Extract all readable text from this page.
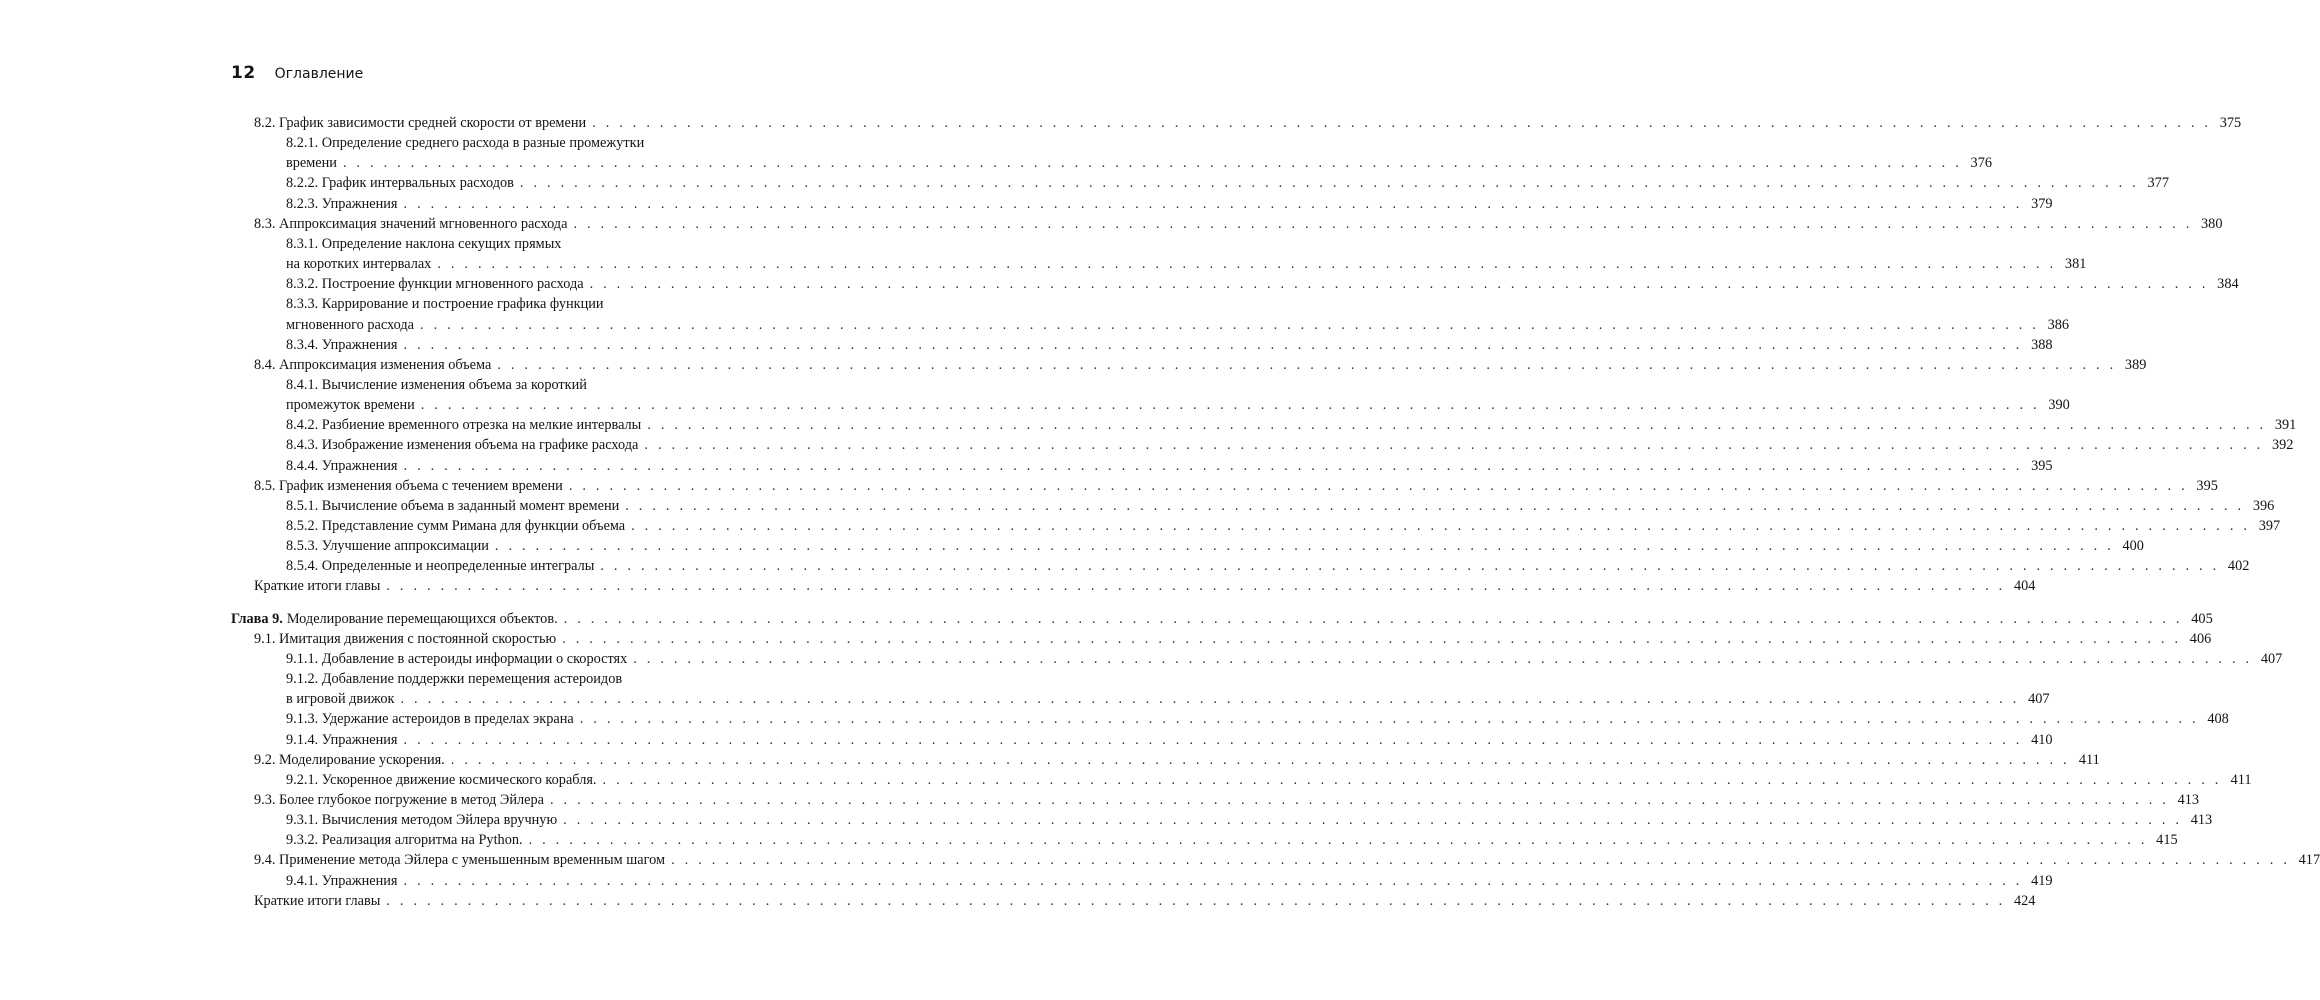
12 Оглавление
8.2. График зависимости средней скорости от времени . . . . . . . . . . . . . . . . . . . . . . . . . . . . . . . . . . . . . . . . . . . . . . . . . . . . . . . . . . . . . . . . . . . . . . . . . . . . . . . . . . . . . . . . . . . . . . . . . . . . . . . . . . . . . . . . . . . . . . . . 375
8.2.1. Определение среднего расхода в разные промежутки
времени . . . . . . . . . . . . . . . . . . . . . . . . . . . . . . . . . . . . . . . . . . . . . . . . . . . . . . . . . . . . . . . . . . . . . . . . . . . . . . . . . . . . . . . . . . . . . . . . . . . . . . . . . . . . . . . . . . . . . . . . 376
8.2.2. График интервальных расходов . . . . . . . . . . . . . . . . . . . . . . . . . . . . . . . . . . . . . . . . . . . . . . . . . . . . . . . . . . . . . . . . . . . . . . . . . . . . . . . . . . . . . . . . . . . . . . . . . . . . . . . . . . . . . . . . . . . . . . . . 377
8.2.3. Упражнения . . . . . . . . . . . . . . . . . . . . . . . . . . . . . . . . . . . . . . . . . . . . . . . . . . . . . . . . . . . . . . . . . . . . . . . . . . . . . . . . . . . . . . . . . . . . . . . . . . . . . . . . . . . . . . . . . . . . . . . . 379
8.3. Аппроксимация значений мгновенного расхода . . . . . . . . . . . . . . . . . . . . . . . . . . . . . . . . . . . . . . . . . . . . . . . . . . . . . . . . . . . . . . . . . . . . . . . . . . . . . . . . . . . . . . . . . . . . . . . . . . . . . . . . . . . . . . . . . . . . . . . . 380
8.3.1. Определение наклона секущих прямых
на коротких интервалах . . . . . . . . . . . . . . . . . . . . . . . . . . . . . . . . . . . . . . . . . . . . . . . . . . . . . . . . . . . . . . . . . . . . . . . . . . . . . . . . . . . . . . . . . . . . . . . . . . . . . . . . . . . . . . . . . . . . . . . . 381
8.3.2. Построение функции мгновенного расхода . . . . . . . . . . . . . . . . . . . . . . . . . . . . . . . . . . . . . . . . . . . . . . . . . . . . . . . . . . . . . . . . . . . . . . . . . . . . . . . . . . . . . . . . . . . . . . . . . . . . . . . . . . . . . . . . . . . . . . . . 384
8.3.3. Каррирование и построение графика функции
мгновенного расхода . . . . . . . . . . . . . . . . . . . . . . . . . . . . . . . . . . . . . . . . . . . . . . . . . . . . . . . . . . . . . . . . . . . . . . . . . . . . . . . . . . . . . . . . . . . . . . . . . . . . . . . . . . . . . . . . . . . . . . . . 386
8.3.4. Упражнения . . . . . . . . . . . . . . . . . . . . . . . . . . . . . . . . . . . . . . . . . . . . . . . . . . . . . . . . . . . . . . . . . . . . . . . . . . . . . . . . . . . . . . . . . . . . . . . . . . . . . . . . . . . . . . . . . . . . . . . . 388
8.4. Аппроксимация изменения объема . . . . . . . . . . . . . . . . . . . . . . . . . . . . . . . . . . . . . . . . . . . . . . . . . . . . . . . . . . . . . . . . . . . . . . . . . . . . . . . . . . . . . . . . . . . . . . . . . . . . . . . . . . . . . . . . . . . . . . . . 389
8.4.1. Вычисление изменения объема за короткий
промежуток времени . . . . . . . . . . . . . . . . . . . . . . . . . . . . . . . . . . . . . . . . . . . . . . . . . . . . . . . . . . . . . . . . . . . . . . . . . . . . . . . . . . . . . . . . . . . . . . . . . . . . . . . . . . . . . . . . . . . . . . . . 390
8.4.2. Разбиение временного отрезка на мелкие интервалы . . . . . . . . . . . . . . . . . . . . . . . . . . . . . . . . . . . . . . . . . . . . . . . . . . . . . . . . . . . . . . . . . . . . . . . . . . . . . . . . . . . . . . . . . . . . . . . . . . . . . . . . . . . . . . . . . . . . . . . . 391
8.4.3. Изображение изменения объема на графике расхода . . . . . . . . . . . . . . . . . . . . . . . . . . . . . . . . . . . . . . . . . . . . . . . . . . . . . . . . . . . . . . . . . . . . . . . . . . . . . . . . . . . . . . . . . . . . . . . . . . . . . . . . . . . . . . . . . . . . . . . . 392
8.4.4. Упражнения . . . . . . . . . . . . . . . . . . . . . . . . . . . . . . . . . . . . . . . . . . . . . . . . . . . . . . . . . . . . . . . . . . . . . . . . . . . . . . . . . . . . . . . . . . . . . . . . . . . . . . . . . . . . . . . . . . . . . . . . 395
8.5. График изменения объема с течением времени . . . . . . . . . . . . . . . . . . . . . . . . . . . . . . . . . . . . . . . . . . . . . . . . . . . . . . . . . . . . . . . . . . . . . . . . . . . . . . . . . . . . . . . . . . . . . . . . . . . . . . . . . . . . . . . . . . . . . . . . 395
8.5.1. Вычисление объема в заданный момент времени . . . . . . . . . . . . . . . . . . . . . . . . . . . . . . . . . . . . . . . . . . . . . . . . . . . . . . . . . . . . . . . . . . . . . . . . . . . . . . . . . . . . . . . . . . . . . . . . . . . . . . . . . . . . . . . . . . . . . . . . 396
8.5.2. Представление сумм Римана для функции объема . . . . . . . . . . . . . . . . . . . . . . . . . . . . . . . . . . . . . . . . . . . . . . . . . . . . . . . . . . . . . . . . . . . . . . . . . . . . . . . . . . . . . . . . . . . . . . . . . . . . . . . . . . . . . . . . . . . . . . . . 397
8.5.3. Улучшение аппроксимации . . . . . . . . . . . . . . . . . . . . . . . . . . . . . . . . . . . . . . . . . . . . . . . . . . . . . . . . . . . . . . . . . . . . . . . . . . . . . . . . . . . . . . . . . . . . . . . . . . . . . . . . . . . . . . . . . . . . . . . . 400
8.5.4. Определенные и неопределенные интегралы . . . . . . . . . . . . . . . . . . . . . . . . . . . . . . . . . . . . . . . . . . . . . . . . . . . . . . . . . . . . . . . . . . . . . . . . . . . . . . . . . . . . . . . . . . . . . . . . . . . . . . . . . . . . . . . . . . . . . . . . 402
Краткие итоги главы . . . . . . . . . . . . . . . . . . . . . . . . . . . . . . . . . . . . . . . . . . . . . . . . . . . . . . . . . . . . . . . . . . . . . . . . . . . . . . . . . . . . . . . . . . . . . . . . . . . . . . . . . . . . . . . . . . . . . . . . 404
Глава 9. Моделирование перемещающихся объектов. . . . . . . . . . . . . . . . . . . . . . . . . . . . . . . . . . . . . . . . . . . . . . . . . . . . . . . . . . . . . . . . . . . . . . . . . . . . . . . . . . . . . . . . . . . . . . . . . . . . . . . . . . . . . . . . . . . . . . . . . 405
9.1. Имитация движения с постоянной скоростью . . . . . . . . . . . . . . . . . . . . . . . . . . . . . . . . . . . . . . . . . . . . . . . . . . . . . . . . . . . . . . . . . . . . . . . . . . . . . . . . . . . . . . . . . . . . . . . . . . . . . . . . . . . . . . . . . . . . . . . . 406
9.1.1. Добавление в астероиды информации о скоростях . . . . . . . . . . . . . . . . . . . . . . . . . . . . . . . . . . . . . . . . . . . . . . . . . . . . . . . . . . . . . . . . . . . . . . . . . . . . . . . . . . . . . . . . . . . . . . . . . . . . . . . . . . . . . . . . . . . . . . . . 407
9.1.2. Добавление поддержки перемещения астероидов
в игровой движок . . . . . . . . . . . . . . . . . . . . . . . . . . . . . . . . . . . . . . . . . . . . . . . . . . . . . . . . . . . . . . . . . . . . . . . . . . . . . . . . . . . . . . . . . . . . . . . . . . . . . . . . . . . . . . . . . . . . . . . . 407
9.1.3. Удержание астероидов в пределах экрана . . . . . . . . . . . . . . . . . . . . . . . . . . . . . . . . . . . . . . . . . . . . . . . . . . . . . . . . . . . . . . . . . . . . . . . . . . . . . . . . . . . . . . . . . . . . . . . . . . . . . . . . . . . . . . . . . . . . . . . . 408
9.1.4. Упражнения . . . . . . . . . . . . . . . . . . . . . . . . . . . . . . . . . . . . . . . . . . . . . . . . . . . . . . . . . . . . . . . . . . . . . . . . . . . . . . . . . . . . . . . . . . . . . . . . . . . . . . . . . . . . . . . . . . . . . . . . 410
9.2. Моделирование ускорения. . . . . . . . . . . . . . . . . . . . . . . . . . . . . . . . . . . . . . . . . . . . . . . . . . . . . . . . . . . . . . . . . . . . . . . . . . . . . . . . . . . . . . . . . . . . . . . . . . . . . . . . . . . . . . . . . . . . . . . . . 411
9.2.1. Ускоренное движение космического корабля. . . . . . . . . . . . . . . . . . . . . . . . . . . . . . . . . . . . . . . . . . . . . . . . . . . . . . . . . . . . . . . . . . . . . . . . . . . . . . . . . . . . . . . . . . . . . . . . . . . . . . . . . . . . . . . . . . . . . . . . . 411
9.3. Более глубокое погружение в метод Эйлера . . . . . . . . . . . . . . . . . . . . . . . . . . . . . . . . . . . . . . . . . . . . . . . . . . . . . . . . . . . . . . . . . . . . . . . . . . . . . . . . . . . . . . . . . . . . . . . . . . . . . . . . . . . . . . . . . . . . . . . . 413
9.3.1. Вычисления методом Эйлера вручную . . . . . . . . . . . . . . . . . . . . . . . . . . . . . . . . . . . . . . . . . . . . . . . . . . . . . . . . . . . . . . . . . . . . . . . . . . . . . . . . . . . . . . . . . . . . . . . . . . . . . . . . . . . . . . . . . . . . . . . . 413
9.3.2. Реализация алгоритма на Python. . . . . . . . . . . . . . . . . . . . . . . . . . . . . . . . . . . . . . . . . . . . . . . . . . . . . . . . . . . . . . . . . . . . . . . . . . . . . . . . . . . . . . . . . . . . . . . . . . . . . . . . . . . . . . . . . . . . . . . . . 415
9.4. Применение метода Эйлера с уменьшенным временным шагом . . . . . . . . . . . . . . . . . . . . . . . . . . . . . . . . . . . . . . . . . . . . . . . . . . . . . . . . . . . . . . . . . . . . . . . . . . . . . . . . . . . . . . . . . . . . . . . . . . . . . . . . . . . . . . . . . . . . . . . . 417
9.4.1. Упражнения . . . . . . . . . . . . . . . . . . . . . . . . . . . . . . . . . . . . . . . . . . . . . . . . . . . . . . . . . . . . . . . . . . . . . . . . . . . . . . . . . . . . . . . . . . . . . . . . . . . . . . . . . . . . . . . . . . . . . . . . 419
Краткие итоги главы . . . . . . . . . . . . . . . . . . . . . . . . . . . . . . . . . . . . . . . . . . . . . . . . . . . . . . . . . . . . . . . . . . . . . . . . . . . . . . . . . . . . . . . . . . . . . . . . . . . . . . . . . . . . . . . . . . . . . . . . 424
